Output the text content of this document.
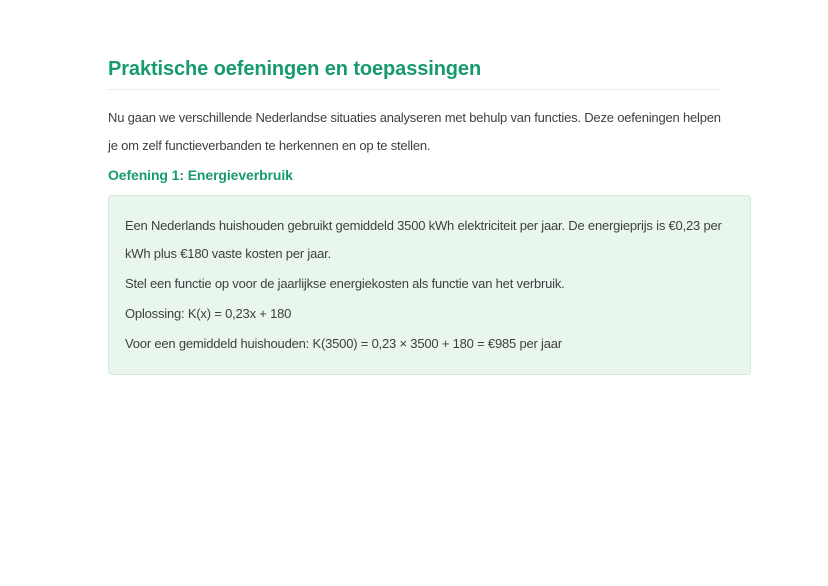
Praktische oefeningen en toepassingen

Nu gaan we verschillende Nederlandse situaties analyseren met behulp van functies. Deze oefeningen helpen je om zelf functieverbanden te herkennen en op te stellen.

Oefening 1: Energieverbruik

Een Nederlands huishouden gebruikt gemiddeld 3500 kWh elektriciteit per jaar. De energieprijs is €0,23 per kWh plus €180 vaste kosten per jaar.

Stel een functie op voor de jaarlijkse energiekosten als functie van het verbruik.

Oplossing: K(x) = 0,23x + 180

Voor een gemiddeld huishouden: K(3500) = 0,23 × 3500 + 180 = €985 per jaar
